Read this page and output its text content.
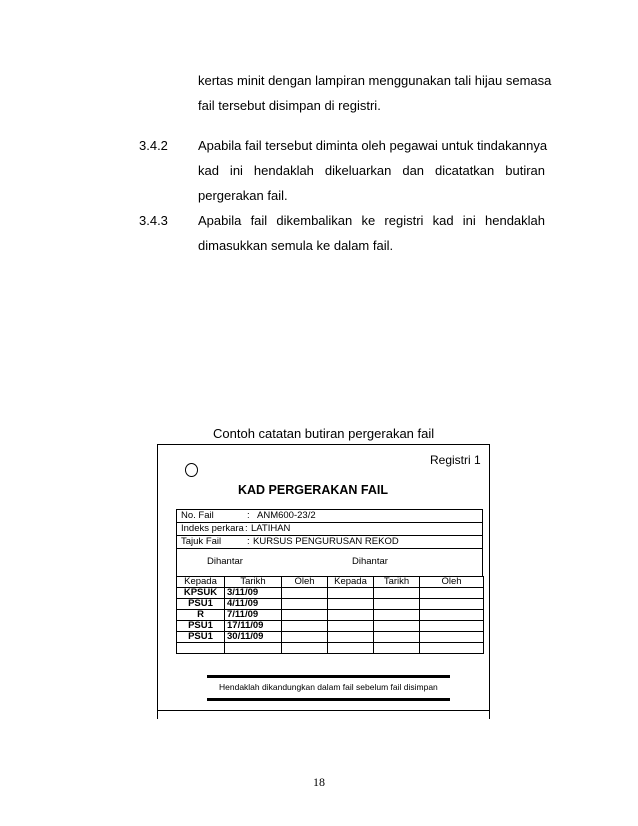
kertas minit dengan lampiran menggunakan tali hijau semasa
fail tersebut disimpan di registri.
3.4.2 Apabila fail tersebut diminta oleh pegawai untuk tindakannya
kad ini hendaklah dikeluarkan dan dicatatkan butiran
pergerakan fail.
3.4.3 Apabila fail dikembalikan ke registri kad ini hendaklah
dimasukkan semula ke dalam fail.
Contoh catatan butiran pergerakan fail
Registri 1
KAD PERGERAKAN FAIL
No. Fail	: ANM600-23/2
Indeks perkara : LATIHAN
Tajuk Fail	: KURSUS PENGURUSAN REKOD
Dihantar	Dihantar
Kepada	Tarikh	Oleh	Kepada	Tarikh	Oleh
KPSUK	3/11/09				
PSU1	4/11/09				
R	7/11/09				
PSU1	17/11/09				
PSU1	30/11/09				

Hendaklah dikandungkan dalam fail sebelum fail disimpan
18
